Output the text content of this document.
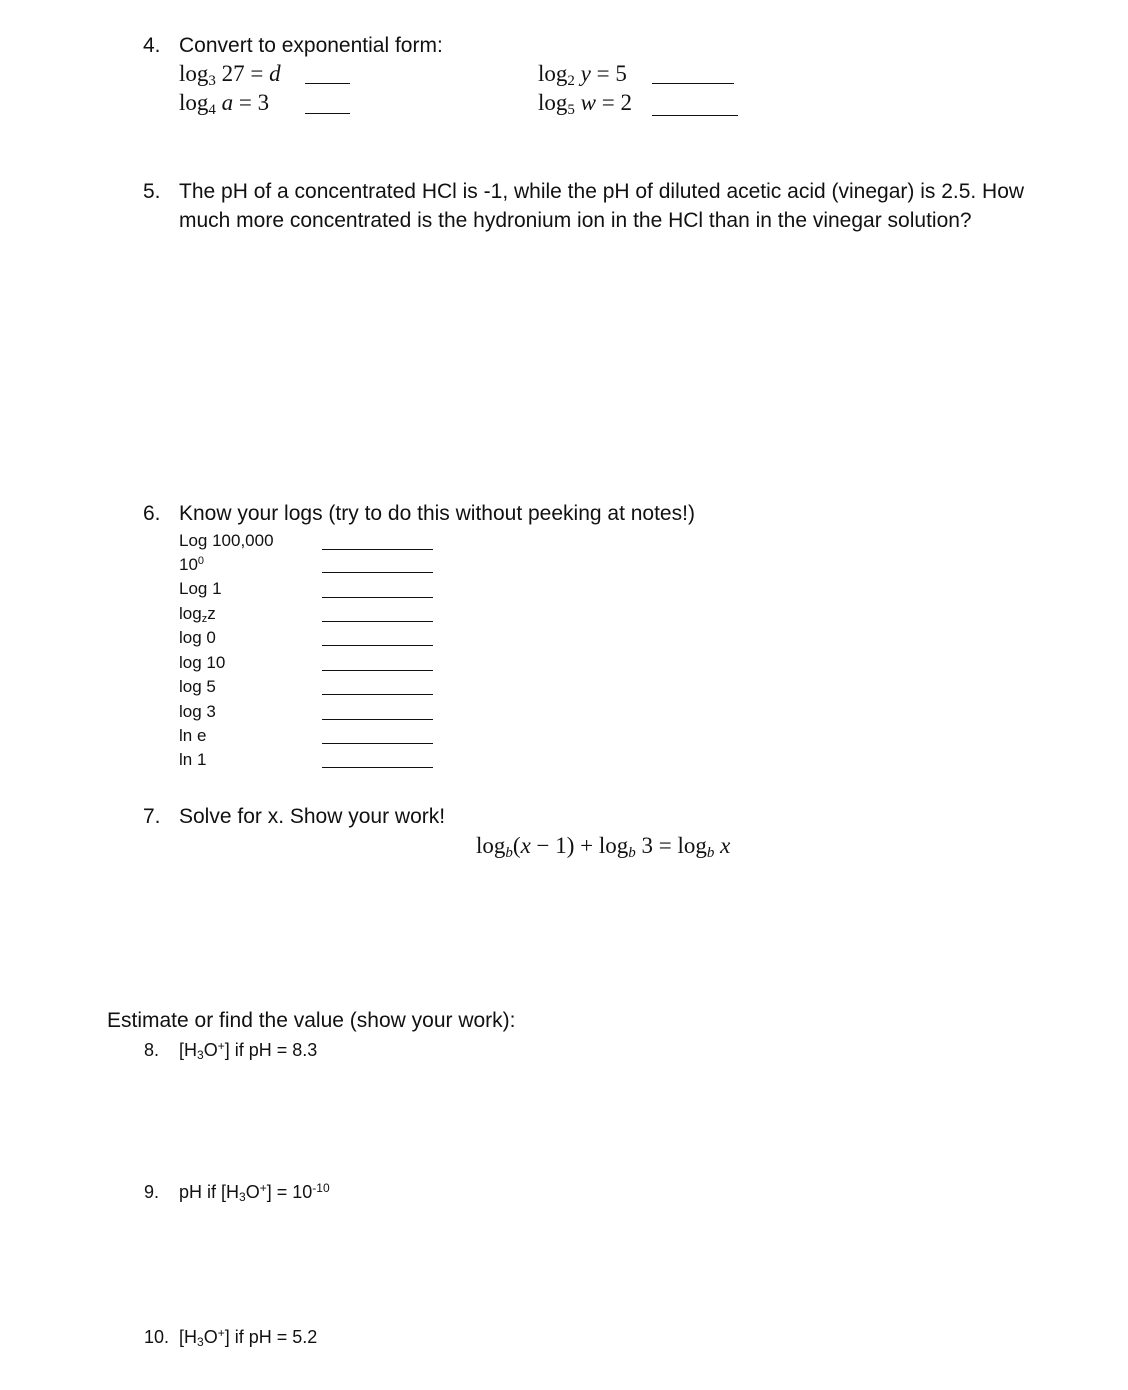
4. Convert to exponential form:
$\log_3 27 = d$
$\log_4 a = 3$
$\log_2 y = 5$
$\log_5 w = 2$
5. The pH of a concentrated HCl is -1, while the pH of diluted acetic acid (vinegar) is 2.5. How
much more concentrated is the hydronium ion in the HCl than in the vinegar solution?
6. Know your logs (try to do this without peeking at notes!)
Log 100,000
$10^0$
Log 1
$\log_zz$
log 0
log 10
log 5
log 3
ln e
ln 1
7. Solve for x. Show your work!
$\log_b(x - 1) + \log_b 3 = \log_b x$
Estimate or find the value (show your work):
8. $[H_3O^+]$ if pH = 8.3
9. pH if $[H_3O^+] = 10^{-10}$
10. $[H_3O^+]$ if pH = 5.2
